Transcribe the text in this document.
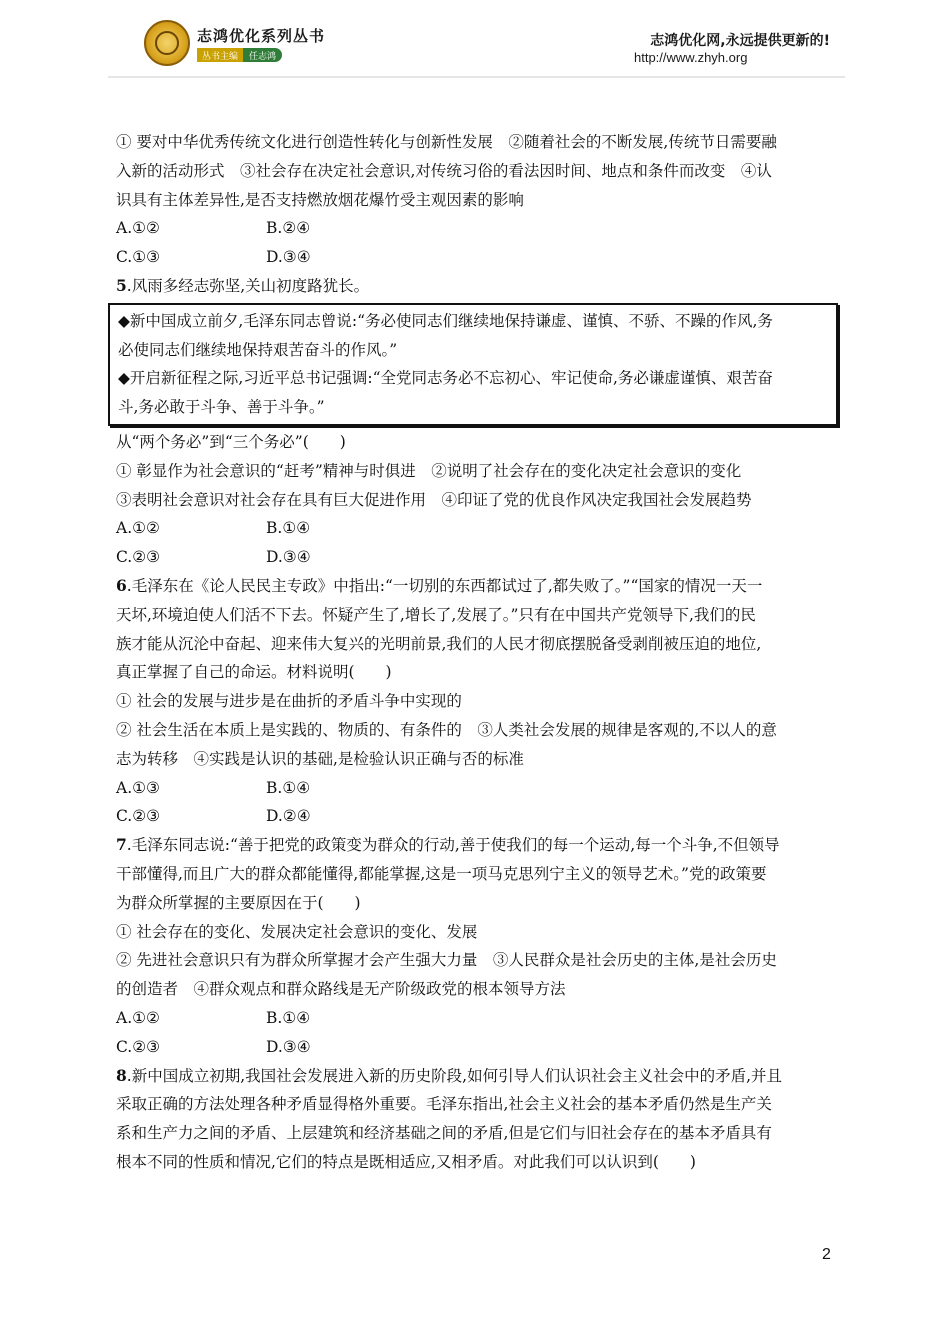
志鸿优化系列丛书
丛书主编	任志鸿
志鸿优化网,永远提供更新的!
http://www.zhyh.org

① 要对中华优秀传统文化进行创造性转化与创新性发展　②随着社会的不断发展,传统节日需要融

入新的活动形式　③社会存在决定社会意识,对传统习俗的看法因时间、地点和条件而改变　④认

识具有主体差异性,是否支持燃放烟花爆竹受主观因素的影响

A.①②	B.②④
C.①③	D.③④

5.风雨多经志弥坚,关山初度路犹长。

◆新中国成立前夕,毛泽东同志曾说:“务必使同志们继续地保持谦虚、谨慎、不骄、不躁的作风,务

必使同志们继续地保持艰苦奋斗的作风。”

◆开启新征程之际,习近平总书记强调:“全党同志务必不忘初心、牢记使命,务必谦虚谨慎、艰苦奋

斗,务必敢于斗争、善于斗争。”

从“两个务必”到“三个务必”(　　)

① 彰显作为社会意识的“赶考”精神与时俱进　②说明了社会存在的变化决定社会意识的变化

③表明社会意识对社会存在具有巨大促进作用　④印证了党的优良作风决定我国社会发展趋势

A.①②	B.①④
C.②③	D.③④

6.毛泽东在《论人民民主专政》中指出:“一切别的东西都试过了,都失败了。”“国家的情况一天一

天坏,环境迫使人们活不下去。怀疑产生了,增长了,发展了。”只有在中国共产党领导下,我们的民

族才能从沉沦中奋起、迎来伟大复兴的光明前景,我们的人民才彻底摆脱备受剥削被压迫的地位,

真正掌握了自己的命运。材料说明(　　)

① 社会的发展与进步是在曲折的矛盾斗争中实现的

② 社会生活在本质上是实践的、物质的、有条件的　③人类社会发展的规律是客观的,不以人的意

志为转移　④实践是认识的基础,是检验认识正确与否的标准

A.①③	B.①④
C.②③	D.②④

7.毛泽东同志说:“善于把党的政策变为群众的行动,善于使我们的每一个运动,每一个斗争,不但领导

干部懂得,而且广大的群众都能懂得,都能掌握,这是一项马克思列宁主义的领导艺术。”党的政策要

为群众所掌握的主要原因在于(　　)

① 社会存在的变化、发展决定社会意识的变化、发展

② 先进社会意识只有为群众所掌握才会产生强大力量　③人民群众是社会历史的主体,是社会历史

的创造者　④群众观点和群众路线是无产阶级政党的根本领导方法

A.①②	B.①④
C.②③	D.③④

8.新中国成立初期,我国社会发展进入新的历史阶段,如何引导人们认识社会主义社会中的矛盾,并且

采取正确的方法处理各种矛盾显得格外重要。毛泽东指出,社会主义社会的基本矛盾仍然是生产关

系和生产力之间的矛盾、上层建筑和经济基础之间的矛盾,但是它们与旧社会存在的基本矛盾具有

根本不同的性质和情况,它们的特点是既相适应,又相矛盾。对此我们可以认识到(　　)

2
